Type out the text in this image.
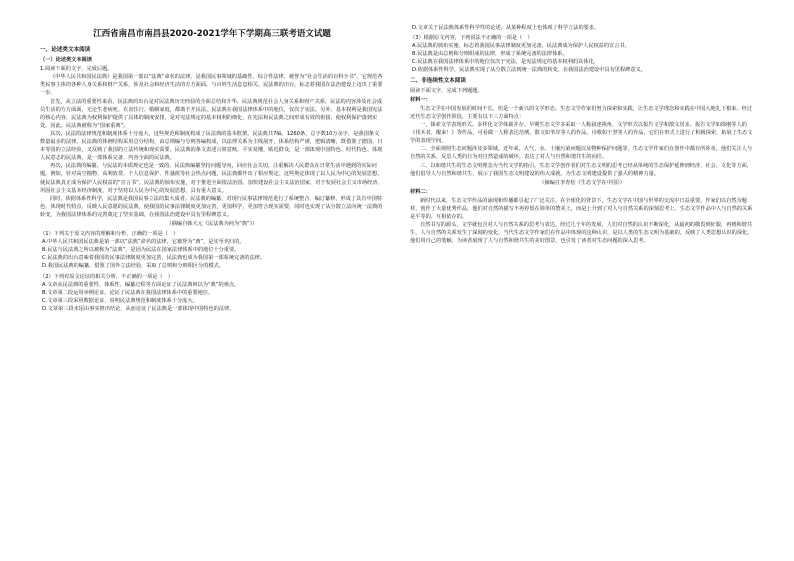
江西省南昌市南昌县2020-2021学年下学期高三联考语文试题
一、论述类文本阅读
（一）论述类文本阅读

1.阅读下面的文字，完成后题。

《中华人民共和国民法典》是我国第一部以“法典”命名的法律，是我国民事领域的基础性、综合性法律，被誉为“社会生活的百科全书”。它规范各类民事主体的各种人身关系和财产关系，涉及社会和经济生活的方方面面，与百姓生活息息相关。民法典的出台，标志着我国在法治建设上迈出了重要一步。

首先，从立法的重要性来看，民法典的出台是对民法典历史经验的全面总结和升华。民法典规范社会人身关系和财产关系，民法的内容涉及社会成员生活的方方面面，无论生老病死、衣食住行、婚姻家庭，都离不开民法。民法典在我国法律体系中的地位，仅次于宪法。另外，基本权利是我国宪法的核心内容，民法典为权利保护提供了具体的制度安排，是对宪法规定的基本权利的细化，在宪法和民法典之间形成有效的衔接，使权利保护落到实处。因此，民法典被称为“国家重典”。

其次，民法的法律规范和制度体系十分庞大，这些规范和制度构成了民法典的基本框架。民法典共7编、1260条，总字数10万余字，是我国条文数量最多的法律。民法典的体例结构采用总分结构，由总则编与分则各编构成，以法律关系为主线展开，体系结构严谨，逻辑清晰，既借鉴了德国、日本等国的立法经验，又反映了我国的立法传统和现实需要。民法典的条文表述言简意赅，平实易懂，贴近群众，是一部体现中国特色、时代特色、体现人民意志的民法典，是一部体系完备、内容全面的民法典。

再次，民法典的编纂，与民法的本质规定也是一致的。民法典编纂坚持问题导向，回应社会关切，注重解决人民群众在日常生活中遇到的实际问题。例如，针对高空抛物、高利放贷、个人信息保护、性骚扰等社会热点问题，民法典都作出了相应规定。这些规定体现了以人民为中心的发展思想，使民法典真正成为保护人民权益的“宣言书”。民法典的颁布实施，对于推进全面依法治国、加快建设社会主义法治国家，对于发展社会主义市场经济、巩固社会主义基本经济制度，对于坚持以人民为中心的发展思想，具有重大意义。

同时，依据体系性科学，民法典是我国民事立法的集大成者。民法典的编纂，对现行民事法律规范进行了系统整合、编订纂修，形成了具有中国特色、体现时代特点、反映人民意愿的民法典，使我国的民事法律制度更加完善，更加科学，更加符合现实需要，同时也实现了从分散立法向统一法典的转变，为我国法律体系的完善奠定了坚实基础，在我国法治建设中具有里程碑意义。

（摘编自韩大元《民法典为何为“典”》）

（1）下列关于原文内容的理解和分析，正确的一项是（　）

A.中华人民共和国民法典是第一部以“法典”命名的法律，它被誉为“典”，是实至名归的。

B.民法与民法典之所以被称为“法典”，是因为民法在国家法律体系中的地位十分重要。

C.民法典的出台意味着我国的民事法律制度更加完善，民法典也成为我国第一部系统完备的法律。

D.我国民法典的编纂，借鉴了国外立法经验，采取了总则和分则相区分的模式。

（2）下列对原文论证的相关分析，不正确的一项是（　）

A.文章从民法典的重要性、体系性、编纂过程等方面论证了民法典何以为“典”的观点。

B.文章第二段运用举例论证，论证了民法典在我国法律体系中的重要地位。

C.文章第三段采用数据论证，说明民法典规范和制度体系十分庞大。

D.文章第三段末尾由事实推出结论，从而论证了民法典是一部体现中国特色的法律。

D.文章关于民法典体系性科学性的论述，从某种程度上也体现了科学立法的要求。

（3）根据原文内容，下列说法不正确的一项是（　）

A.民法典的颁布实施，标志着我国民事法律制度更加完备，民法典成为保护人民权益的宣言书。

B.民法典是由总则和分则组成的法律，形成了系统完备的法律体系。

C.民法典在我国法律体系中的地位仅次于宪法，是宪法规定的基本权利的具体化。

D.依据体系性科学，民法典实现了从分散立法到统一法典的转变，在我国法治建设中具有里程碑意义。

二、非连续性文本阅读

阅读下面文字，完成下列题题。

材料一：

生态文学在中国发展的时间不长，但是一个新兴的文学形态。生态文学作家们努力探索和实践，让生态文学理念和实践在中国大地扎下根来。经过近代生态文学创作阶段，主要有以下三方面特点：

一、探索文学表现形式。多样化文学体裁并存。早期生态文学多采取一人称叙述视角，文学形式以报告文学和散文居多。报告文学如徐刚等人的《伐木者，醒来！》等作品，可看做一人称表达范例。散文如苇岸等人的作品，诗歌如于坚等人的作品，它们在形式上进行了积极探索，拓展了生态文学的表现空间。

二、全面观照生态问题涉及多领域。近年来，大气、水、土壤污染问题以及物种保护问题等，生态文学作家们在创作中都有所涉及。他们关注人与自然的关系，反思人类的行为对自然造成的破坏，表达了对人与自然和谐共生的向往。

三、以和谐共生的生态文明理念为当代文学的指引，生态文学创作者们对生态文明的思考已经从单纯的生态保护延伸到经济、社会、文化等方面，他们倡导人与自然和谐共生，展示了我国生态文明建设的伟大成就，为生态文明建设提供了强大的精神力量。

（摘编自李青松《生态文学在中国》）

材料二：

新时代以来，生态文学作品的涌现和传播都引起了广泛关注。在全球化的背景下，生态文学在中国与世界的交流中日益重要。作家们以自然为题材，创作了大量优秀作品，他们对自然的描写不再停留在简单的赞美上，而是上升到了对人与自然关系的深刻思考上。生态文学作品中人与自然的关系是平等的，互相依存的。

自然书写的源头，文学就包含对人与自然关系的思考与表达。经过几千年的发展，人们对自然的认识不断深化，从最初的敬畏到征服，再到和谐共生，人与自然的关系发生了深刻的变化。当代生态文学作家们在作品中体现的这种认识，是以人类的生态文明为基础的，反映了人类思想认识的深化。他们用自己的笔触，为读者展现了人与自然和谐共生的美好图景，也引发了读者对生态问题的深入思考。
